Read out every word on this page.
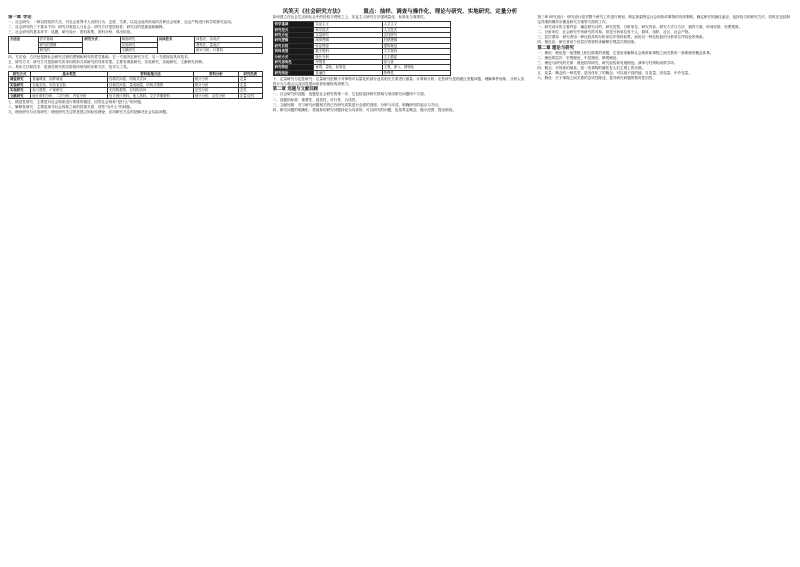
风笑天《社会研究方法》	重点：抽样、调查与操作化、理论与研究、实地研究、定量分析

第一章 导论

一、社会研究：一种以经验的方式，对社会世界中人们的行为、态度、关系，以及由此所形成的各种社会现象、社会产物进行科学的探究活动。

二、社会研究的三个基本不同：研究对象是人与社会；研究方法是经验性；研究目的是探索和解释。

三、社会研究的基本环节：选题、研究设计、资料收集、资料分析、得出结论。

方法论	哲学基础	研究方式	调查研究	具体技术	问卷法、访谈法
	研究的逻辑		实验研究		观察法、量表法
	研究的		文献研究		统计分析、计算机

四、方法论：方法论是指社会研究过程的逻辑和研究的哲学基础。它一方面决定研究方式，另一方面规范具体技术。

五、研究方式：研究方式是指研究所采用的形式或研究的具体类型。主要有调查研究、实验研究、实地研究、文献研究四种。

六、具体方法和技术：是指在研究的各阶段所使用的各种方法、技术与工具。

研究方式	基本类型	资料收集方法	资料分析	研究性质
调查研究	普遍调查、抽样调查	自填式问卷、结构式访问	统计分析	定量
实验研究	实地实验、实验室实验	自填式问卷、量表测量、结构式观察	统计分析	定量
实地研究	参与观察、个案研究	无结构观察、无结构访问	定性分析	定性
文献研究	统计资料分析、二次分析、内容分析	官方统计资料、他人资料、文字声像资料	统计分析、定性分析	定量/定性

七、描述性研究：主要是对社会现象进行系统的描述，回答社会现象"是什么"的问题。

八、解释性研究：主要是探寻社会现象之间的因果关系，回答"为什么"的问题。

九、理论研究与应用研究：理论研究关注的是建立和检验理论；应用研究关注的是解决社会实际问题。

如何建立在社会生活和社会中的经验与观察之上，实证主义研究方法强调量化、标准化与客观性。

哲学基础	实证主义	人文主义
研究范式	科学范式	人文范式
研究方法	定量研究	定性研究
研究逻辑	演绎逻辑	归纳逻辑
研究目的	验证理论	建构理论
资料类型	数字资料	文字资料
分析方式	统计分析	文字描述
研究者角色	旁观者	参与者
研究特征	客观、量化、标准化	主观、深入、情境化
研究结论	普遍性	特殊性

十、定量研究与定性研究：定量研究依赖于对事物可以量化的部分及其相关关系进行测量、计算和分析；定性研究是指通过发掘问题、理解事件现象、分析人类的行为与观点以及回答提问来获取敏锐的洞察力。

第二章 选题与文献回顾

一、社会研究的选题：选题是社会研究的第一步，它包括选择研究领域与形成研究问题两个方面。

二、选题的标准：重要性、创造性、可行性、合适性。

三、文献回顾：对与研究问题相关的已有研究成果进行全面的查阅、分析与评述，明确研究的起点与方向。

四、研究问题的明确化：将抽象的研究问题转化为具体的、可以研究的问题，包括界定概念、缩小范围、提出假设。

第三章 研究设计：研究设计是对整个研究工作进行规划，制定探索特定社会现象或事物的具体策略，确定研究的最佳途径，选择恰当的研究方法，同时还包括制定详细的操作步骤及研究方案等方面的工作。

一、研究设计的主要内容：确定研究目的、研究类型、分析单位、研究内容、研究方式与方法、抽样方案、时间安排、经费预算。

二、分析单位：社会研究中所研究的对象。常见分析单位有个人、群体、组织、社区、社会产物。

三、层次谬误：研究者用一种比较高的分析单位作资料收集，而用另一种比较低的分析单位作结论的现象。

四、简化论：研究者用个体层次的资料来解释宏观层次的现象。

第二章 理论与研究

一、理论：理论是一组逻辑上相互联系的命题，它是用来解释社会现象和事物之间关系的一套系统的概念体系。

二、理论的层次：宏观理论、中层理论、微观理论。

三、理论与研究的关系：理论指导研究，研究检验和发展理论。演绎与归纳构成科学环。

四、概念：对现象的抽象，是一类事物的属性在人们主观上的反映。

五、变量：概念的一种类型，是具体化了的概念，可以取不同的值。自变量、因变量、中介变量。

六、假设：关于事物之间关系的尝试性陈述，是对研究问题的暂时性回答。
